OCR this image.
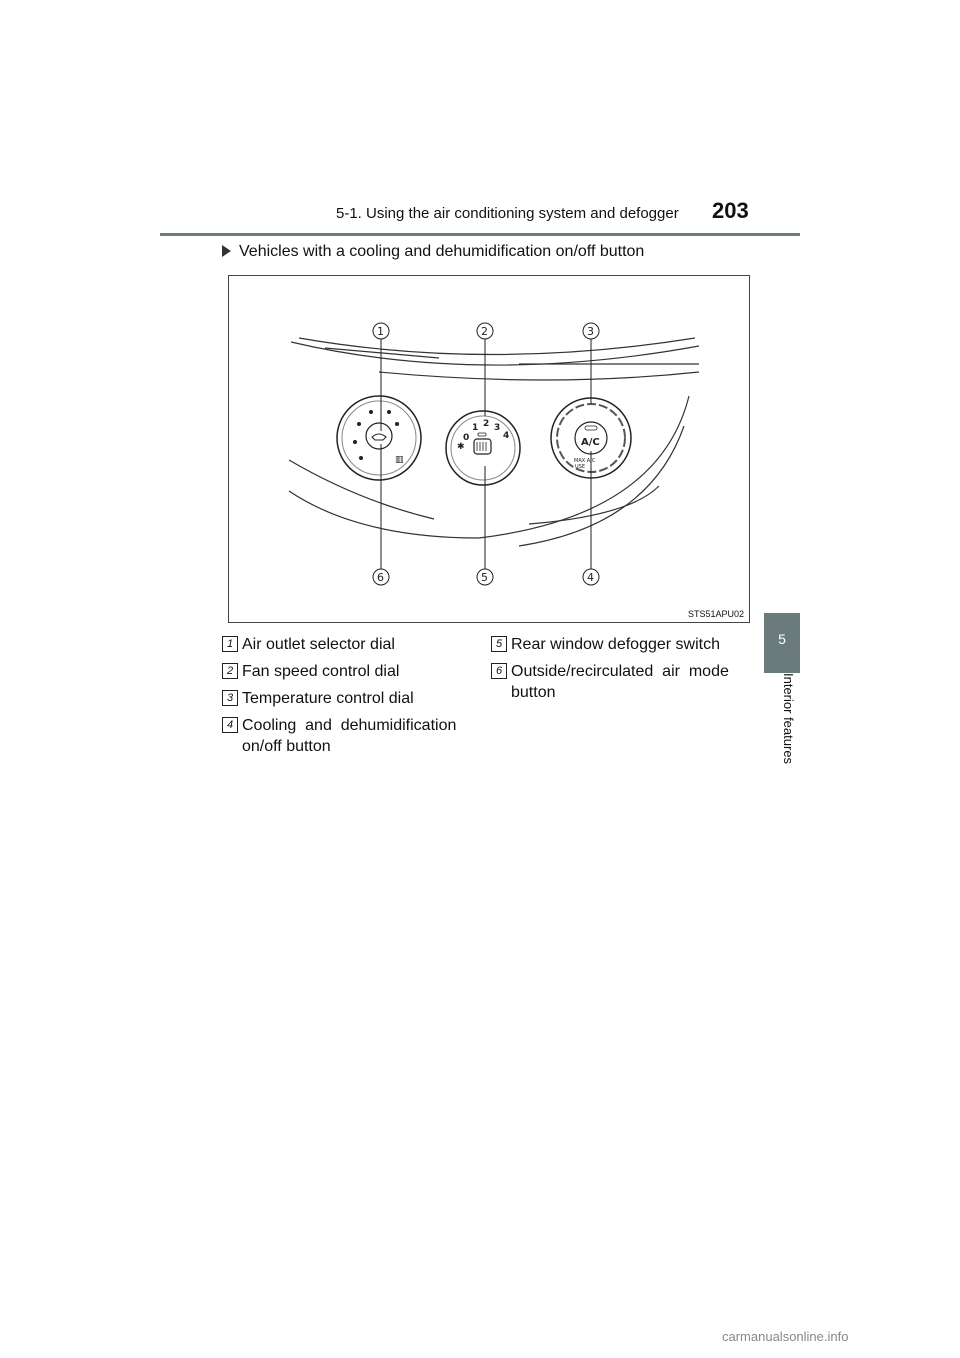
5-1. Using the air conditioning system and defogger 203
5
Interior features
Vehicles with a cooling and dehumidification on/off button
▥
✱
0
1 2 3
4
A/C
MAX A/C
USE
1	2	3
4
5
6
STS51APU02
1 Air outlet selector dial
2 Fan speed control dial
3 Temperature control dial
4 Cooling  and  dehumidification
on/off button
5 Rear window defogger switch
6 Outside/recirculated  air  mode
button
carmanualsonline.info
